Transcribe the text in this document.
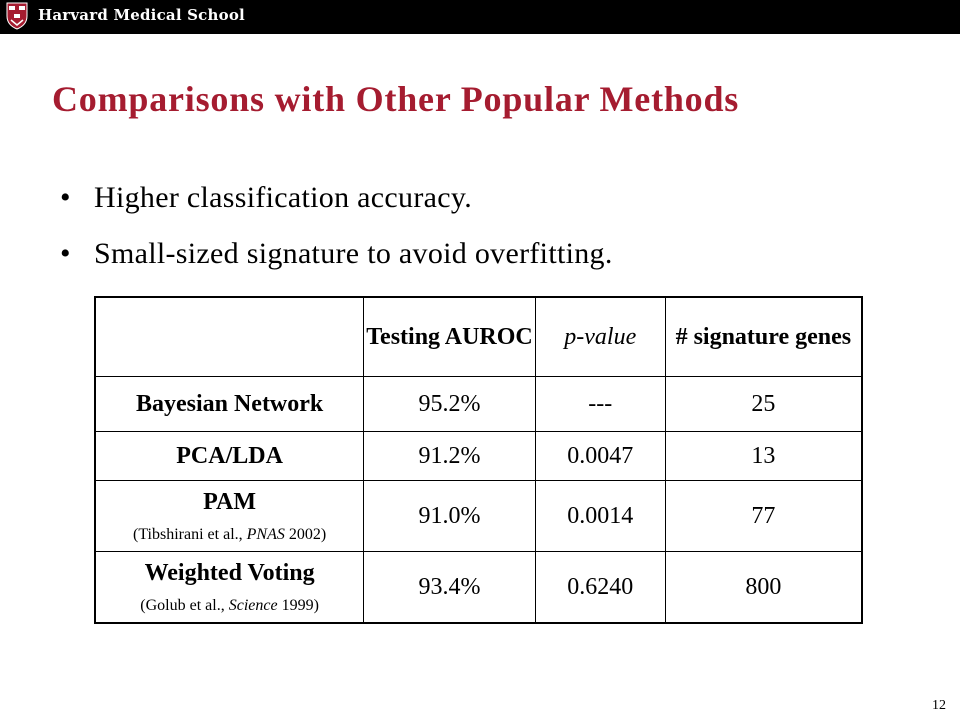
Harvard Medical School
Comparisons with Other Popular Methods
• Higher classification accuracy.
• Small-sized signature to avoid overfitting.
	Testing AUROC	p-value	# signature genes
Bayesian Network	95.2%	---	25
PCA/LDA	91.2%	0.0047	13
PAM
(Tibshirani et al., PNAS 2002)	91.0%	0.0014	77
Weighted Voting
(Golub et al., Science 1999)	93.4%	0.6240	800
12
